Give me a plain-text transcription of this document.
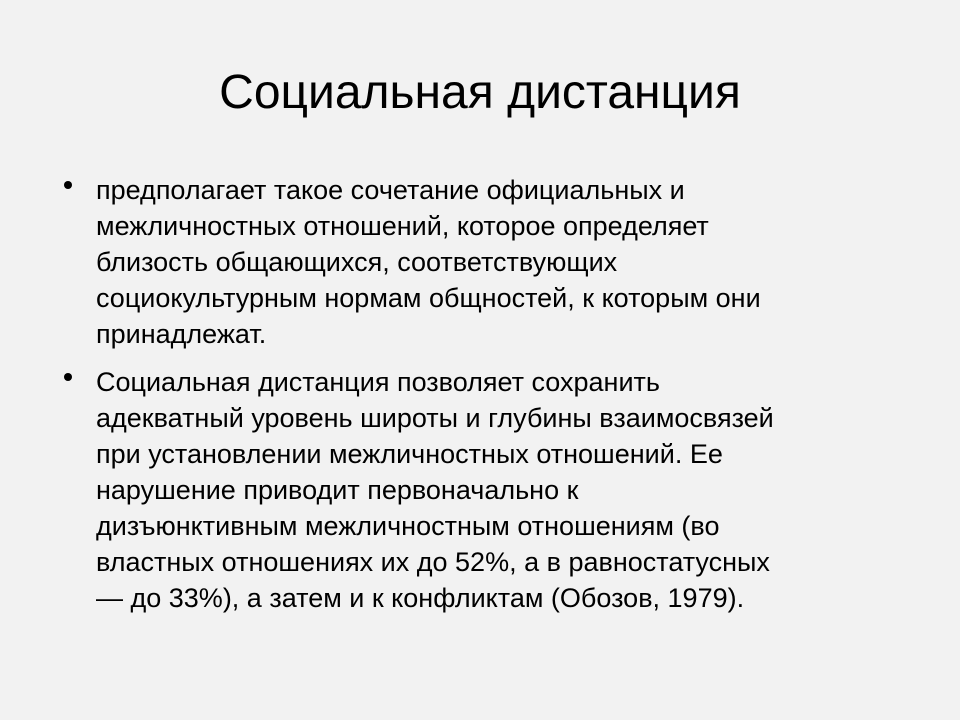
Социальная дистанция
предполагает такое сочетание официальных и
межличностных отношений, которое определяет
близость общающихся, соответствующих
социокультурным нормам общностей, к которым они
принадлежат.
Социальная дистанция позволяет сохранить
адекватный уровень широты и глубины взаимосвязей
при установлении межличностных отношений. Ее
нарушение приводит первоначально к
дизъюнктивным межличностным отношениям (во
властных отношениях их до 52%, а в равностатусных
— до 33%), а затем и к конфликтам (Обозов, 1979).
